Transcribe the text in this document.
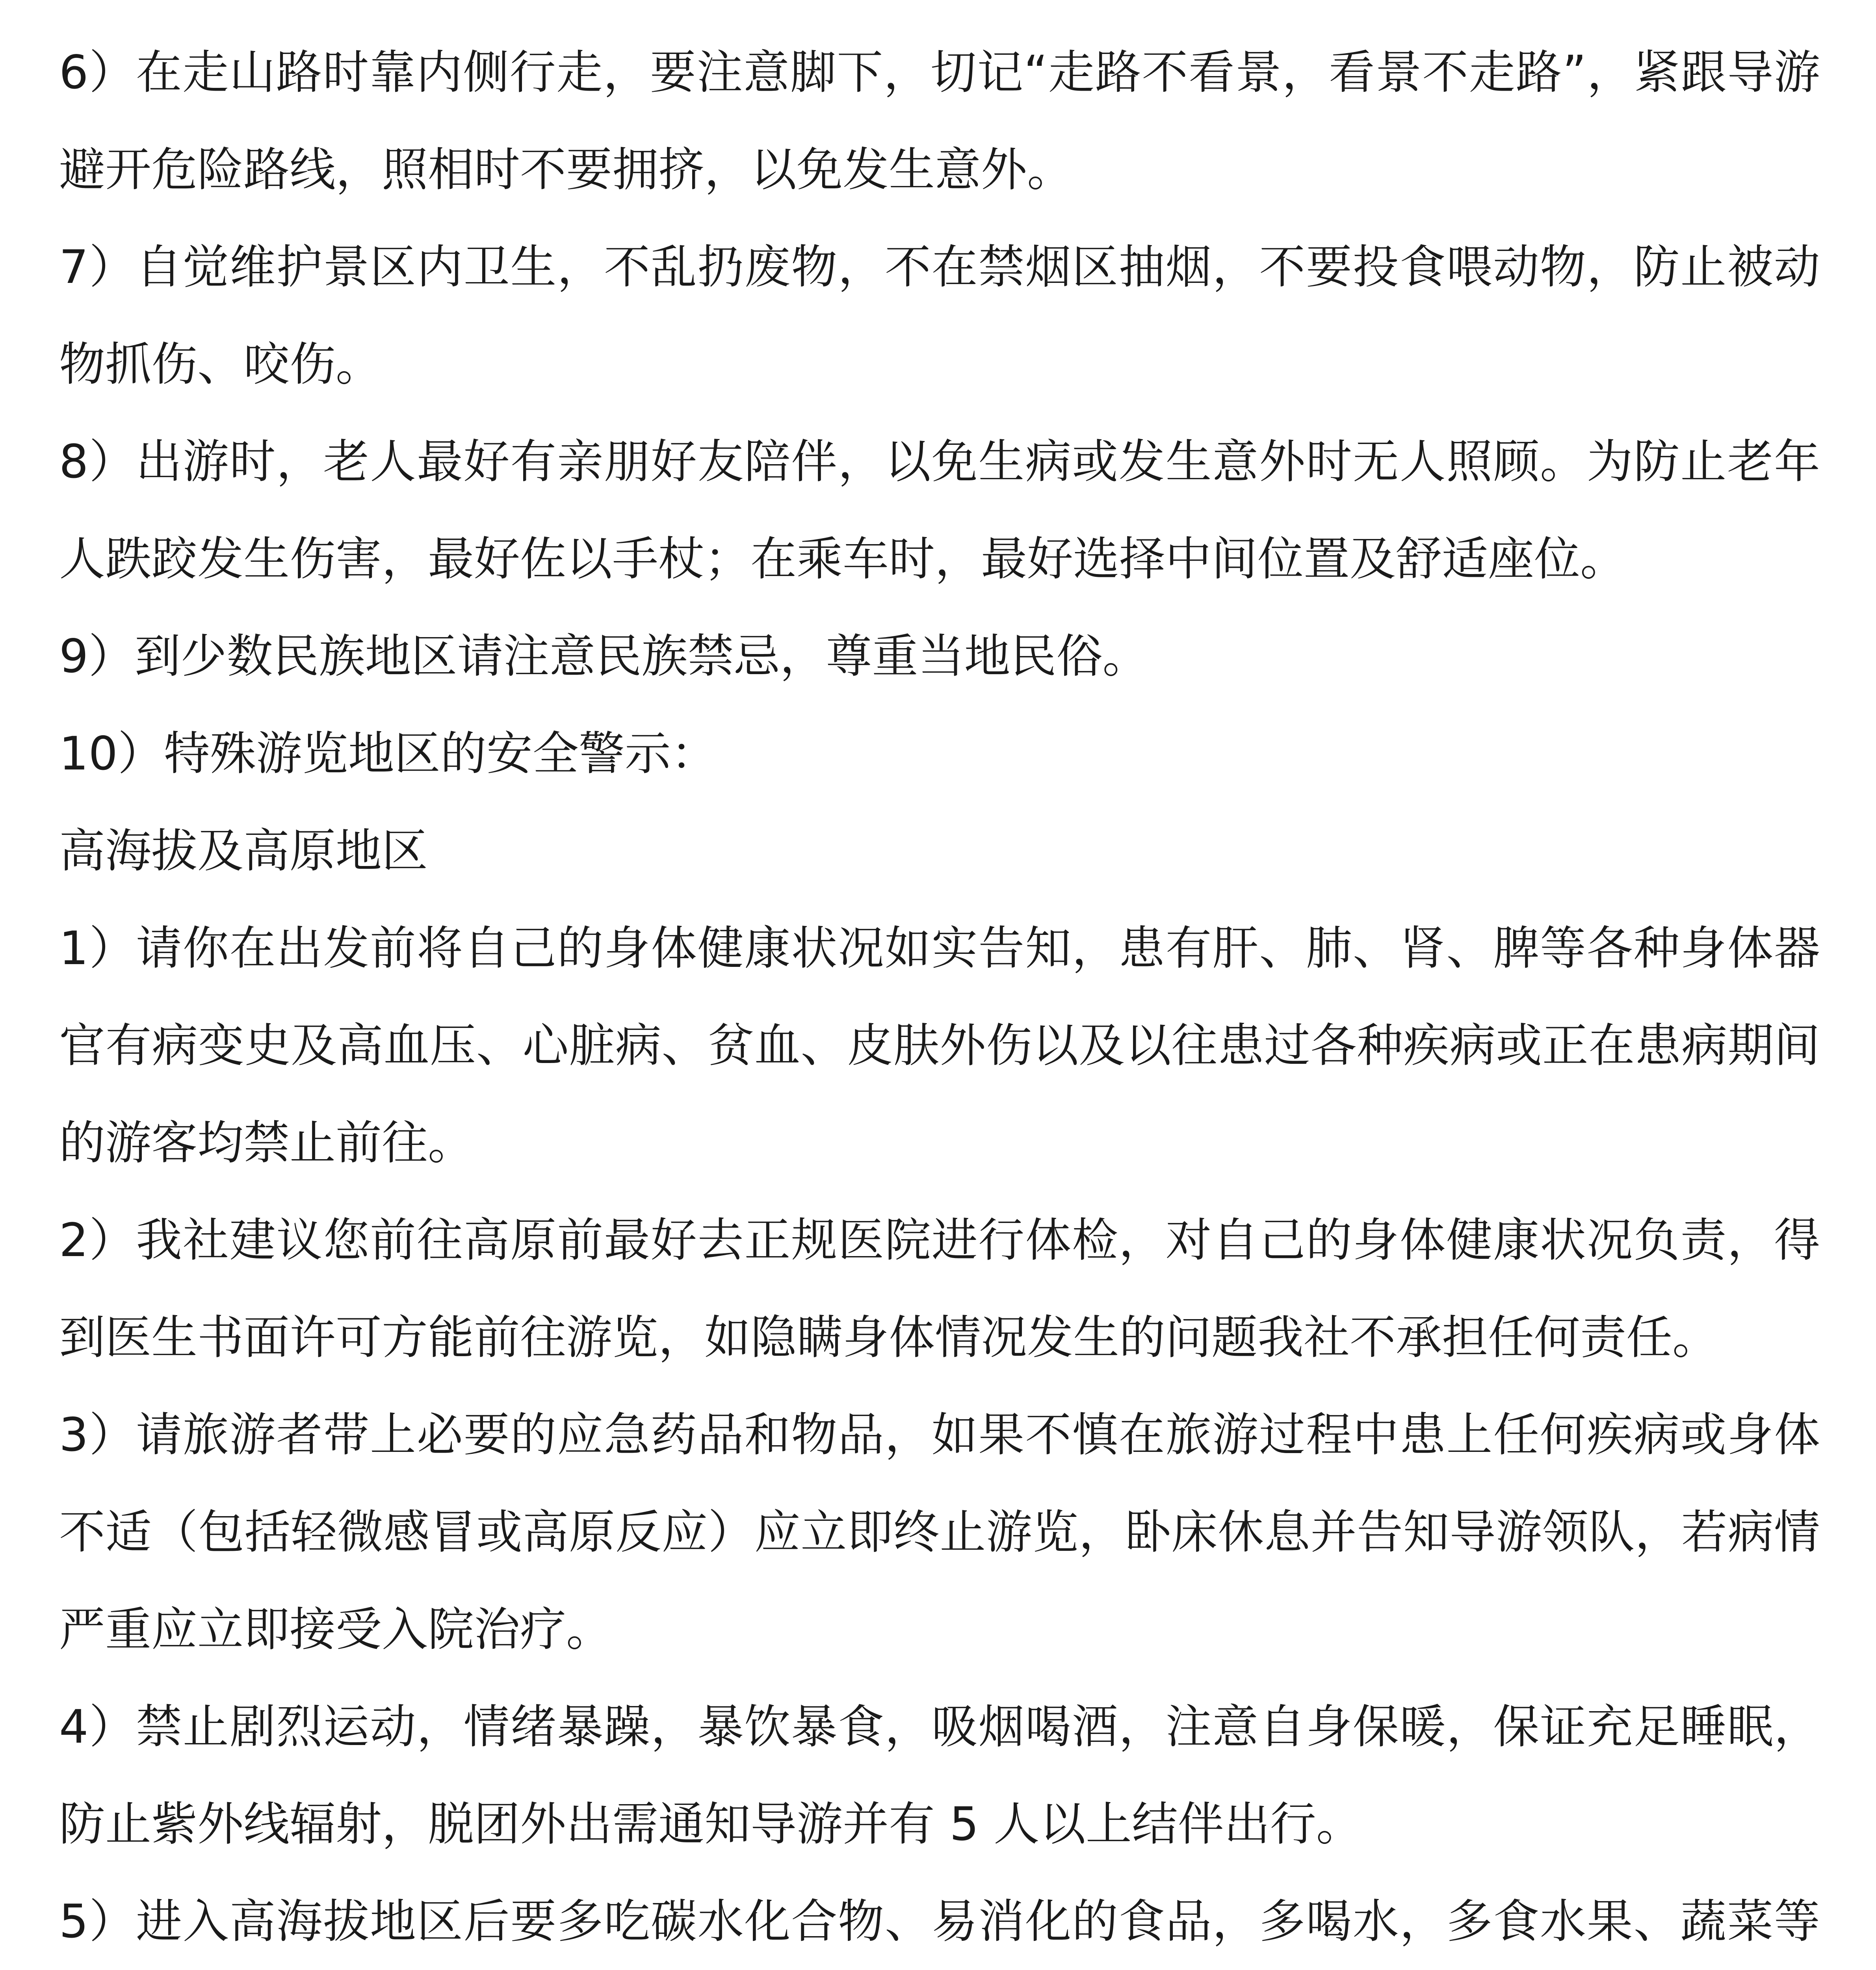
6）在走山路时靠内侧行走，要注意脚下，切记“走路不看景，看景不走路”，紧跟导游避开危险路线，照相时不要拥挤，以免发生意外。

7）自觉维护景区内卫生，不乱扔废物，不在禁烟区抽烟，不要投食喂动物，防止被动物抓伤、咬伤。

8）出游时，老人最好有亲朋好友陪伴，以免生病或发生意外时无人照顾。为防止老年人跌跤发生伤害，最好佐以手杖；在乘车时，最好选择中间位置及舒适座位。

9）到少数民族地区请注意民族禁忌，尊重当地民俗。

10）特殊游览地区的安全警示：

高海拔及高原地区

1）请你在出发前将自己的身体健康状况如实告知，患有肝、肺、肾、脾等各种身体器官有病变史及高血压、心脏病、贫血、皮肤外伤以及以往患过各种疾病或正在患病期间的游客均禁止前往。

2）我社建议您前往高原前最好去正规医院进行体检，对自己的身体健康状况负责，得到医生书面许可方能前往游览，如隐瞒身体情况发生的问题我社不承担任何责任。

3）请旅游者带上必要的应急药品和物品，如果不慎在旅游过程中患上任何疾病或身体不适（包括轻微感冒或高原反应）应立即终止游览，卧床休息并告知导游领队，若病情严重应立即接受入院治疗。

4）禁止剧烈运动，情绪暴躁，暴饮暴食，吸烟喝酒，注意自身保暖，保证充足睡眠，防止紫外线辐射，脱团外出需通知导游并有 5 人以上结伴出行。

5）进入高海拔地区后要多吃碳水化合物、易消化的食品，多喝水，多食水果、蔬菜等
